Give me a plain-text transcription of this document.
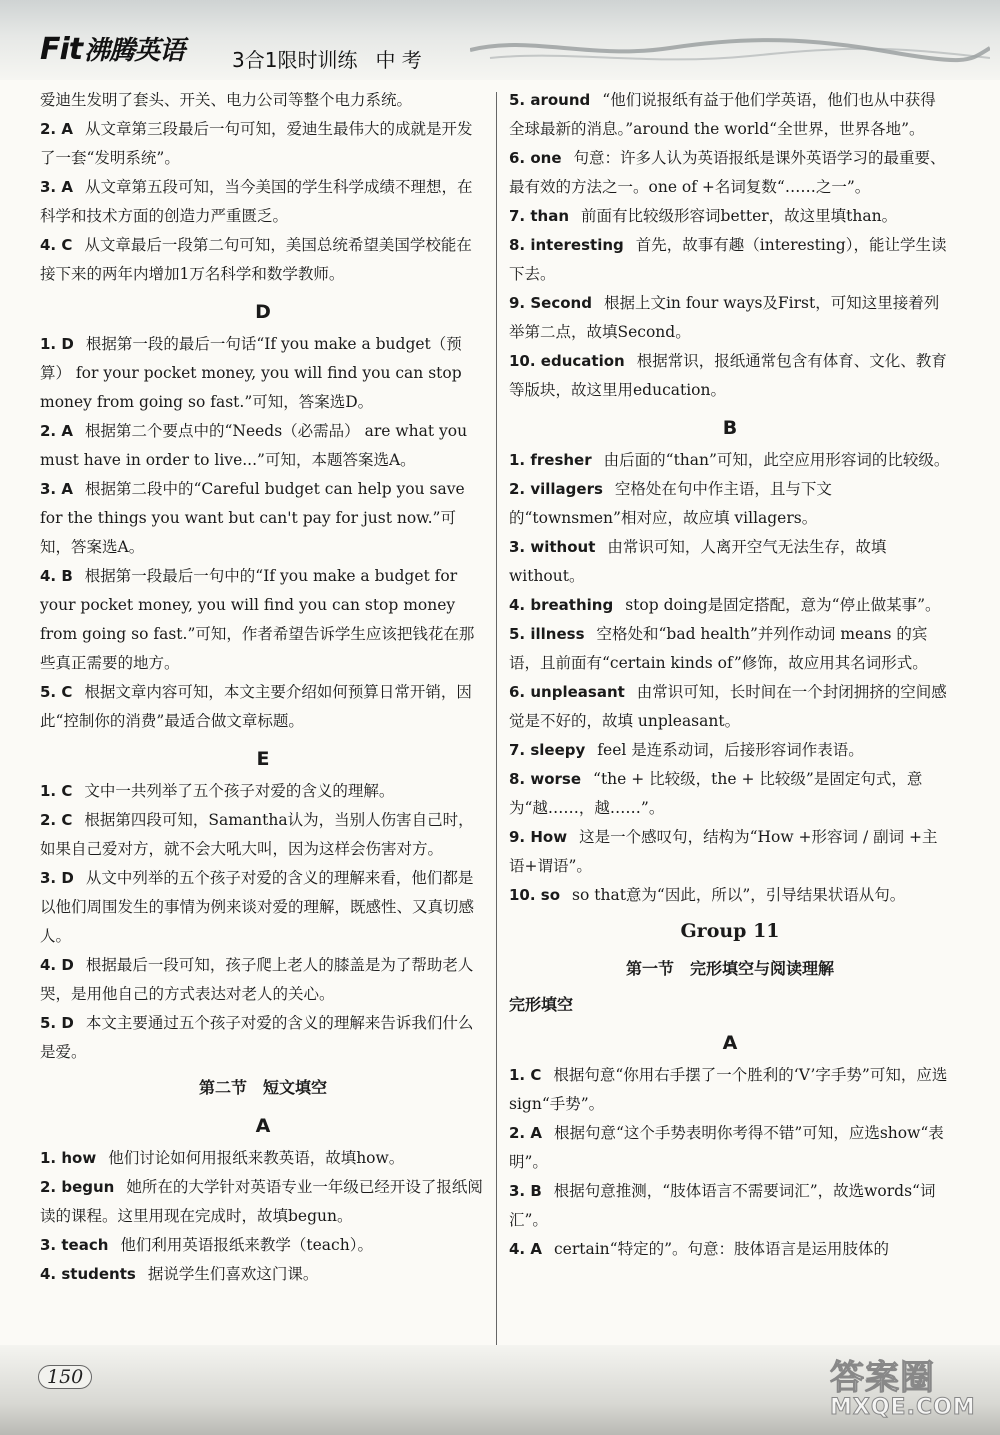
Fit沸腾英语 3合1限时训练 中 考

爱迪生发明了套头、开关、电力公司等整个电力系统。

2. A 从文章第三段最后一句可知，爱迪生最伟大的成就是开发了一套“发明系统”。

3. A 从文章第五段可知，当今美国的学生科学成绩不理想，在科学和技术方面的创造力严重匮乏。

4. C 从文章最后一段第二句可知，美国总统希望美国学校能在接下来的两年内增加1万名科学和数学教师。

D

1. D 根据第一段的最后一句话“If you make a budget（预算） for your pocket money, you will find you can stop money from going so fast.”可知，答案选D。

2. A 根据第二个要点中的“Needs（必需品） are what you must have in order to live...”可知，本题答案选A。

3. A 根据第二段中的“Careful budget can help you save for the things you want but can't pay for just now.”可知，答案选A。

4. B 根据第一段最后一句中的“If you make a budget for your pocket money, you will find you can stop money from going so fast.”可知，作者希望告诉学生应该把钱花在那些真正需要的地方。

5. C 根据文章内容可知，本文主要介绍如何预算日常开销，因此“控制你的消费”最适合做文章标题。

E

1. C 文中一共列举了五个孩子对爱的含义的理解。

2. C 根据第四段可知，Samantha认为，当别人伤害自己时，如果自己爱对方，就不会大吼大叫，因为这样会伤害对方。

3. D 从文中列举的五个孩子对爱的含义的理解来看，他们都是以他们周围发生的事情为例来谈对爱的理解，既感性、又真切感人。

4. D 根据最后一段可知，孩子爬上老人的膝盖是为了帮助老人哭，是用他自己的方式表达对老人的关心。

5. D 本文主要通过五个孩子对爱的含义的理解来告诉我们什么是爱。

第二节　短文填空
A

1. how 他们讨论如何用报纸来教英语，故填how。

2. begun 她所在的大学针对英语专业一年级已经开设了报纸阅读的课程。这里用现在完成时，故填begun。

3. teach 他们利用英语报纸来教学（teach）。

4. students 据说学生们喜欢这门课。

5. around “他们说报纸有益于他们学英语，他们也从中获得全球最新的消息。”around the world“全世界，世界各地”。

6. one 句意：许多人认为英语报纸是课外英语学习的最重要、最有效的方法之一。one of +名词复数“……之一”。

7. than 前面有比较级形容词better，故这里填than。

8. interesting 首先，故事有趣（interesting），能让学生读下去。

9. Second 根据上文in four ways及First，可知这里接着列举第二点，故填Second。

10. education 根据常识，报纸通常包含有体育、文化、教育等版块，故这里用education。

B

1. fresher 由后面的“than”可知，此空应用形容词的比较级。

2. villagers 空格处在句中作主语，且与下文的“townsmen”相对应，故应填 villagers。

3. without 由常识可知，人离开空气无法生存，故填without。

4. breathing stop doing是固定搭配，意为“停止做某事”。

5. illness 空格处和“bad health”并列作动词 means 的宾语，且前面有“certain kinds of”修饰，故应用其名词形式。

6. unpleasant 由常识可知，长时间在一个封闭拥挤的空间感觉是不好的，故填 unpleasant。

7. sleepy feel 是连系动词，后接形容词作表语。

8. worse “the + 比较级，the + 比较级”是固定句式，意为“越……，越……”。

9. How 这是一个感叹句，结构为“How +形容词 / 副词 +主语+谓语”。

10. so so that意为“因此，所以”，引导结果状语从句。

Group 11
第一节　完形填空与阅读理解
完形填空
A

1. C 根据句意“你用右手摆了一个胜利的‘V’字手势”可知，应选sign“手势”。

2. A 根据句意“这个手势表明你考得不错”可知，应选show“表明”。

3. B 根据句意推测，“肢体语言不需要词汇”，故选words“词汇”。

4. A certain“特定的”。句意：肢体语言是运用肢体的

150	答案圈
MXQE.COM
